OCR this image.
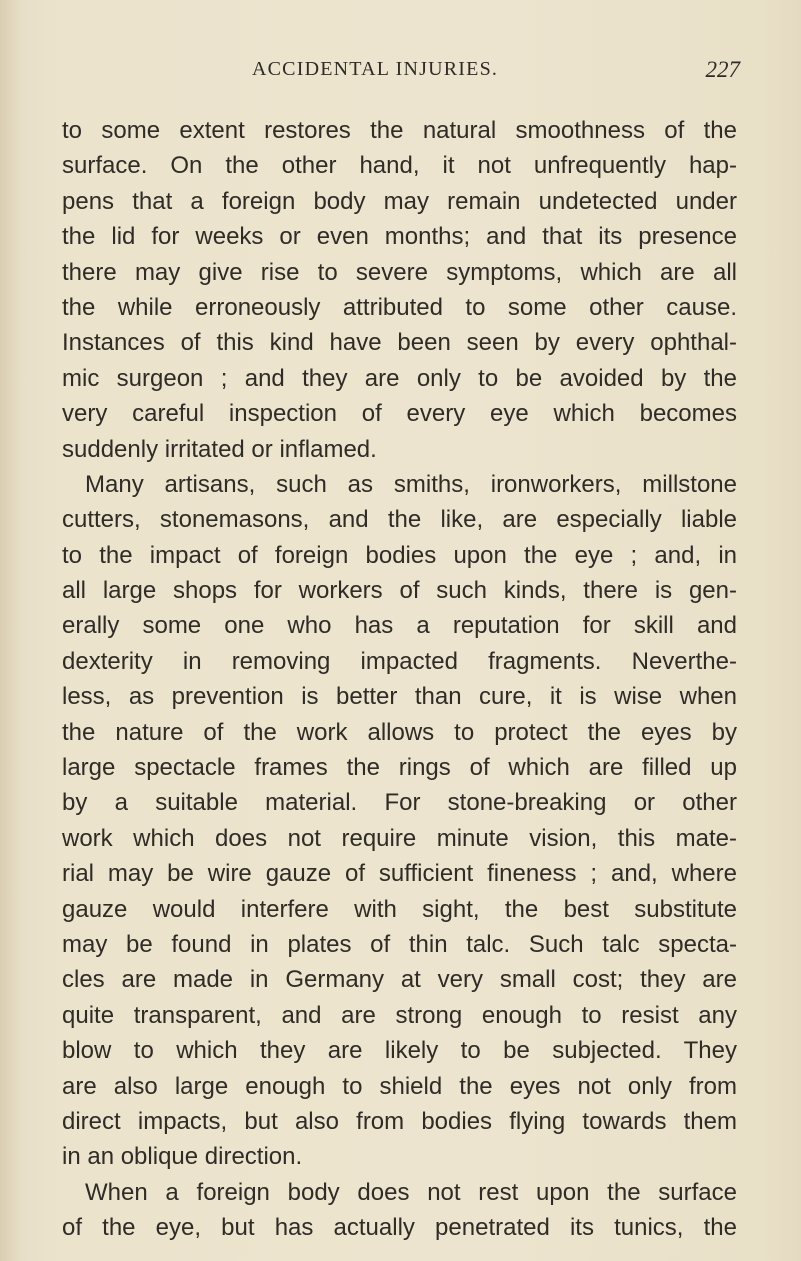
ACCIDENTAL INJURIES.	227
to some extent restores the natural smoothness of the
surface. On the other hand, it not unfrequently hap-
pens that a foreign body may remain undetected under
the lid for weeks or even months; and that its presence
there may give rise to severe symptoms, which are all
the while erroneously attributed to some other cause.
Instances of this kind have been seen by every ophthal-
mic surgeon ; and they are only to be avoided by the
very careful inspection of every eye which becomes
suddenly irritated or inflamed.
Many artisans, such as smiths, ironworkers, millstone
cutters, stonemasons, and the like, are especially liable
to the impact of foreign bodies upon the eye ; and, in
all large shops for workers of such kinds, there is gen-
erally some one who has a reputation for skill and
dexterity in removing impacted fragments. Neverthe-
less, as prevention is better than cure, it is wise when
the nature of the work allows to protect the eyes by
large spectacle frames the rings of which are filled up
by a suitable material. For stone-breaking or other
work which does not require minute vision, this mate-
rial may be wire gauze of sufficient fineness ; and, where
gauze would interfere with sight, the best substitute
may be found in plates of thin talc. Such talc specta-
cles are made in Germany at very small cost; they are
quite transparent, and are strong enough to resist any
blow to which they are likely to be subjected. They
are also large enough to shield the eyes not only from
direct impacts, but also from bodies flying towards them
in an oblique direction.
When a foreign body does not rest upon the surface
of the eye, but has actually penetrated its tunics, the
